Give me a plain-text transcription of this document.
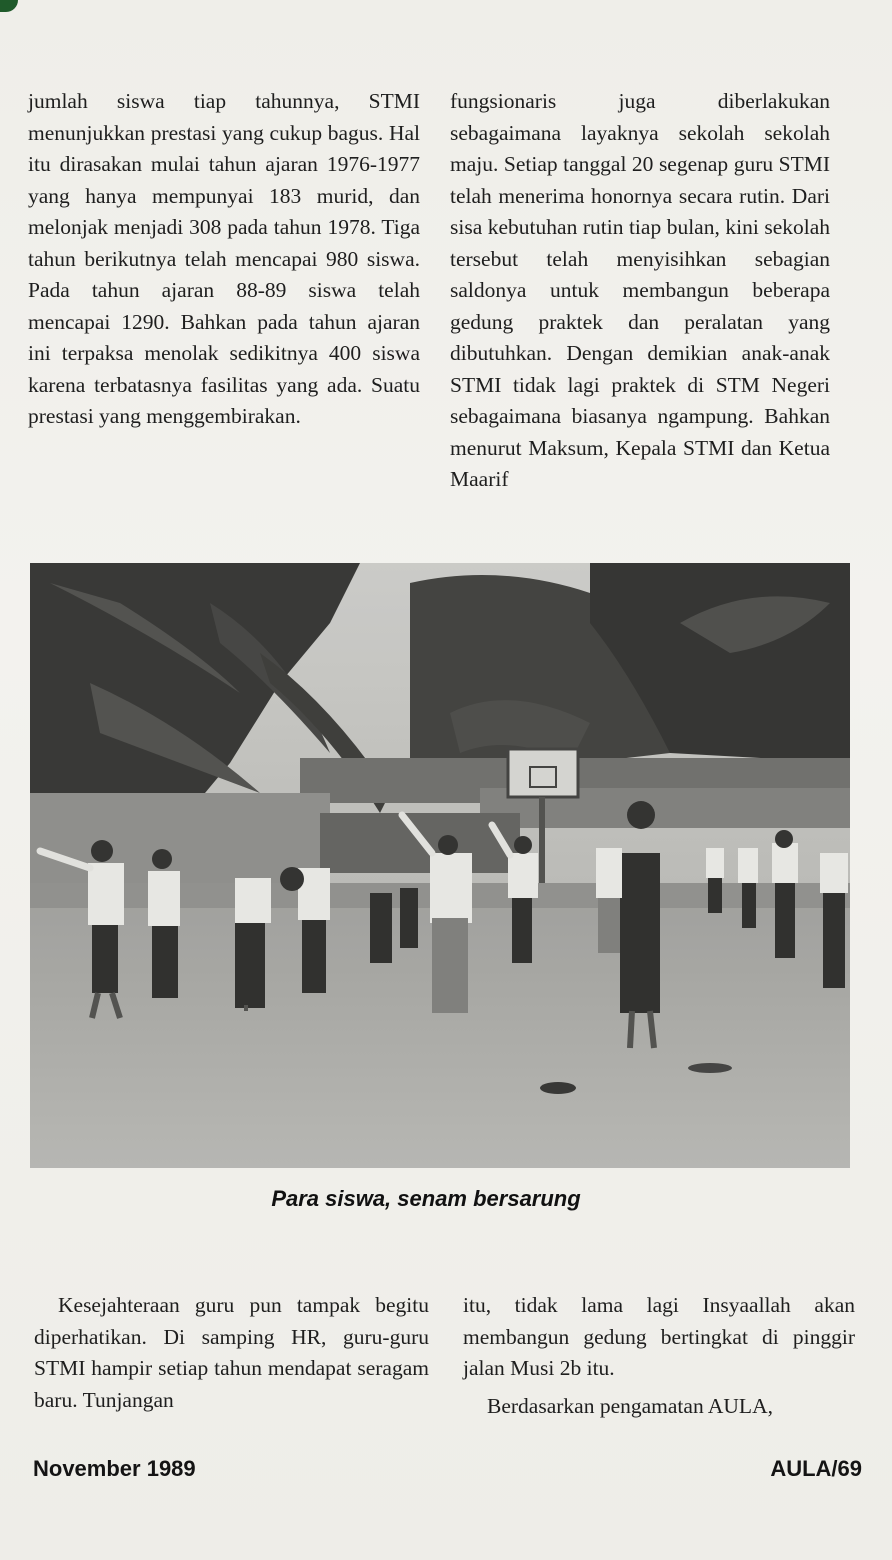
jumlah siswa tiap tahunnya, STMI menunjukkan prestasi yang cukup bagus. Hal itu dirasakan mulai tahun ajaran 1976-1977 yang hanya mempunyai 183 murid, dan melonjak menjadi 308 pada tahun 1978. Tiga tahun berikutnya telah mencapai 980 siswa. Pada tahun ajaran 88-89 siswa telah mencapai 1290. Bahkan pada tahun ajaran ini terpaksa menolak sedikitnya 400 siswa karena terbatasnya fasilitas yang ada. Suatu prestasi yang menggembirakan.

fungsionaris juga diberlakukan sebagaimana layaknya sekolah sekolah maju. Setiap tanggal 20 segenap guru STMI telah menerima honornya secara rutin. Dari sisa kebutuhan rutin tiap bulan, kini sekolah tersebut telah menyisihkan sebagian saldonya untuk membangun beberapa gedung praktek dan peralatan yang dibutuhkan. Dengan demikian anak-anak STMI tidak lagi praktek di STM Negeri sebagaimana biasanya ngampung. Bahkan menurut Maksum, Kepala STMI dan Ketua Maarif

Para siswa, senam bersarung

Kesejahteraan guru pun tampak begitu diperhatikan. Di samping HR, guru-guru STMI hampir setiap tahun mendapat seragam baru. Tunjangan

itu, tidak lama lagi Insyaallah akan membangun gedung bertingkat di pinggir jalan Musi 2b itu.

Berdasarkan pengamatan AULA,

November 1989	AULA/69
